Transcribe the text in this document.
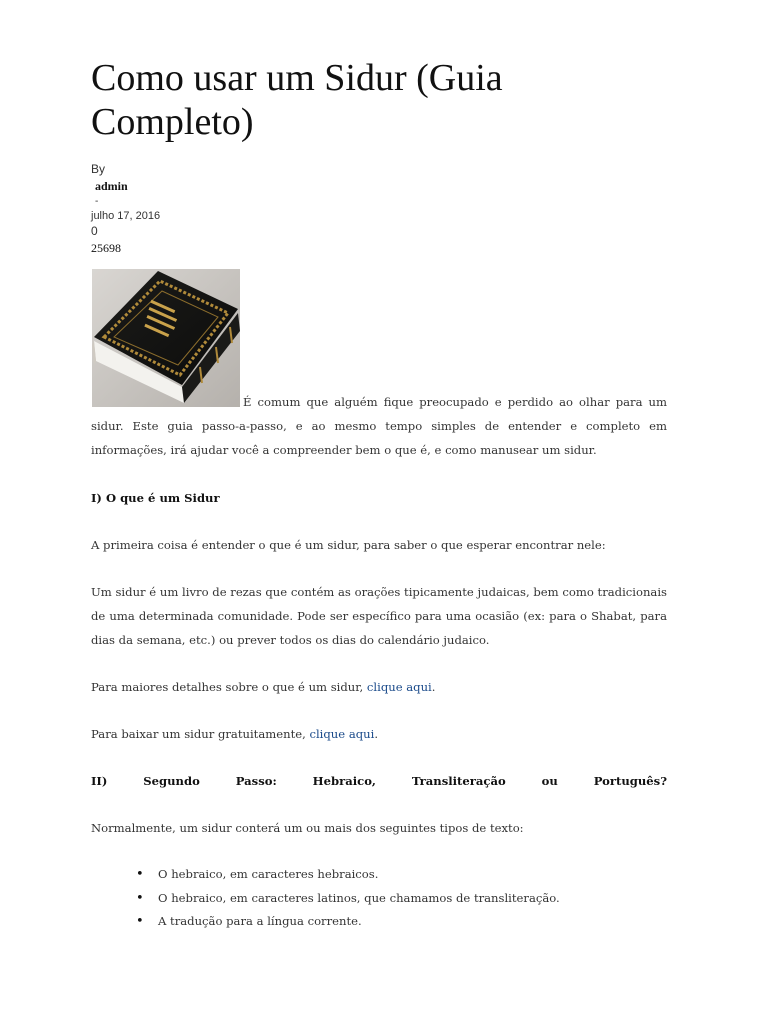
Como usar um Sidur (Guia Completo)
By
admin
-
julho 17, 2016
0
25698

É comum que alguém fique preocupado e perdido ao olhar para um sidur. Este guia passo-a-passo, e ao mesmo tempo simples de entender e completo em informações, irá ajudar você a compreender bem o que é, e como manusear um sidur.

I) O que é um Sidur

A primeira coisa é entender o que é um sidur, para saber o que esperar encontrar nele:

Um sidur é um livro de rezas que contém as orações tipicamente judaicas, bem como tradicionais de uma determinada comunidade. Pode ser específico para uma ocasião (ex: para o Shabat, para dias da semana, etc.) ou prever todos os dias do calendário judaico.

Para maiores detalhes sobre o que é um sidur, clique aqui.

Para baixar um sidur gratuitamente, clique aqui.

II)	Segundo	Passo:	Hebraico,	Transliteração	ou	Português?

Normalmente, um sidur conterá um ou mais dos seguintes tipos de texto:

• O hebraico, em caracteres hebraicos.
• O hebraico, em caracteres latinos, que chamamos de transliteração.
• A tradução para a língua corrente.
